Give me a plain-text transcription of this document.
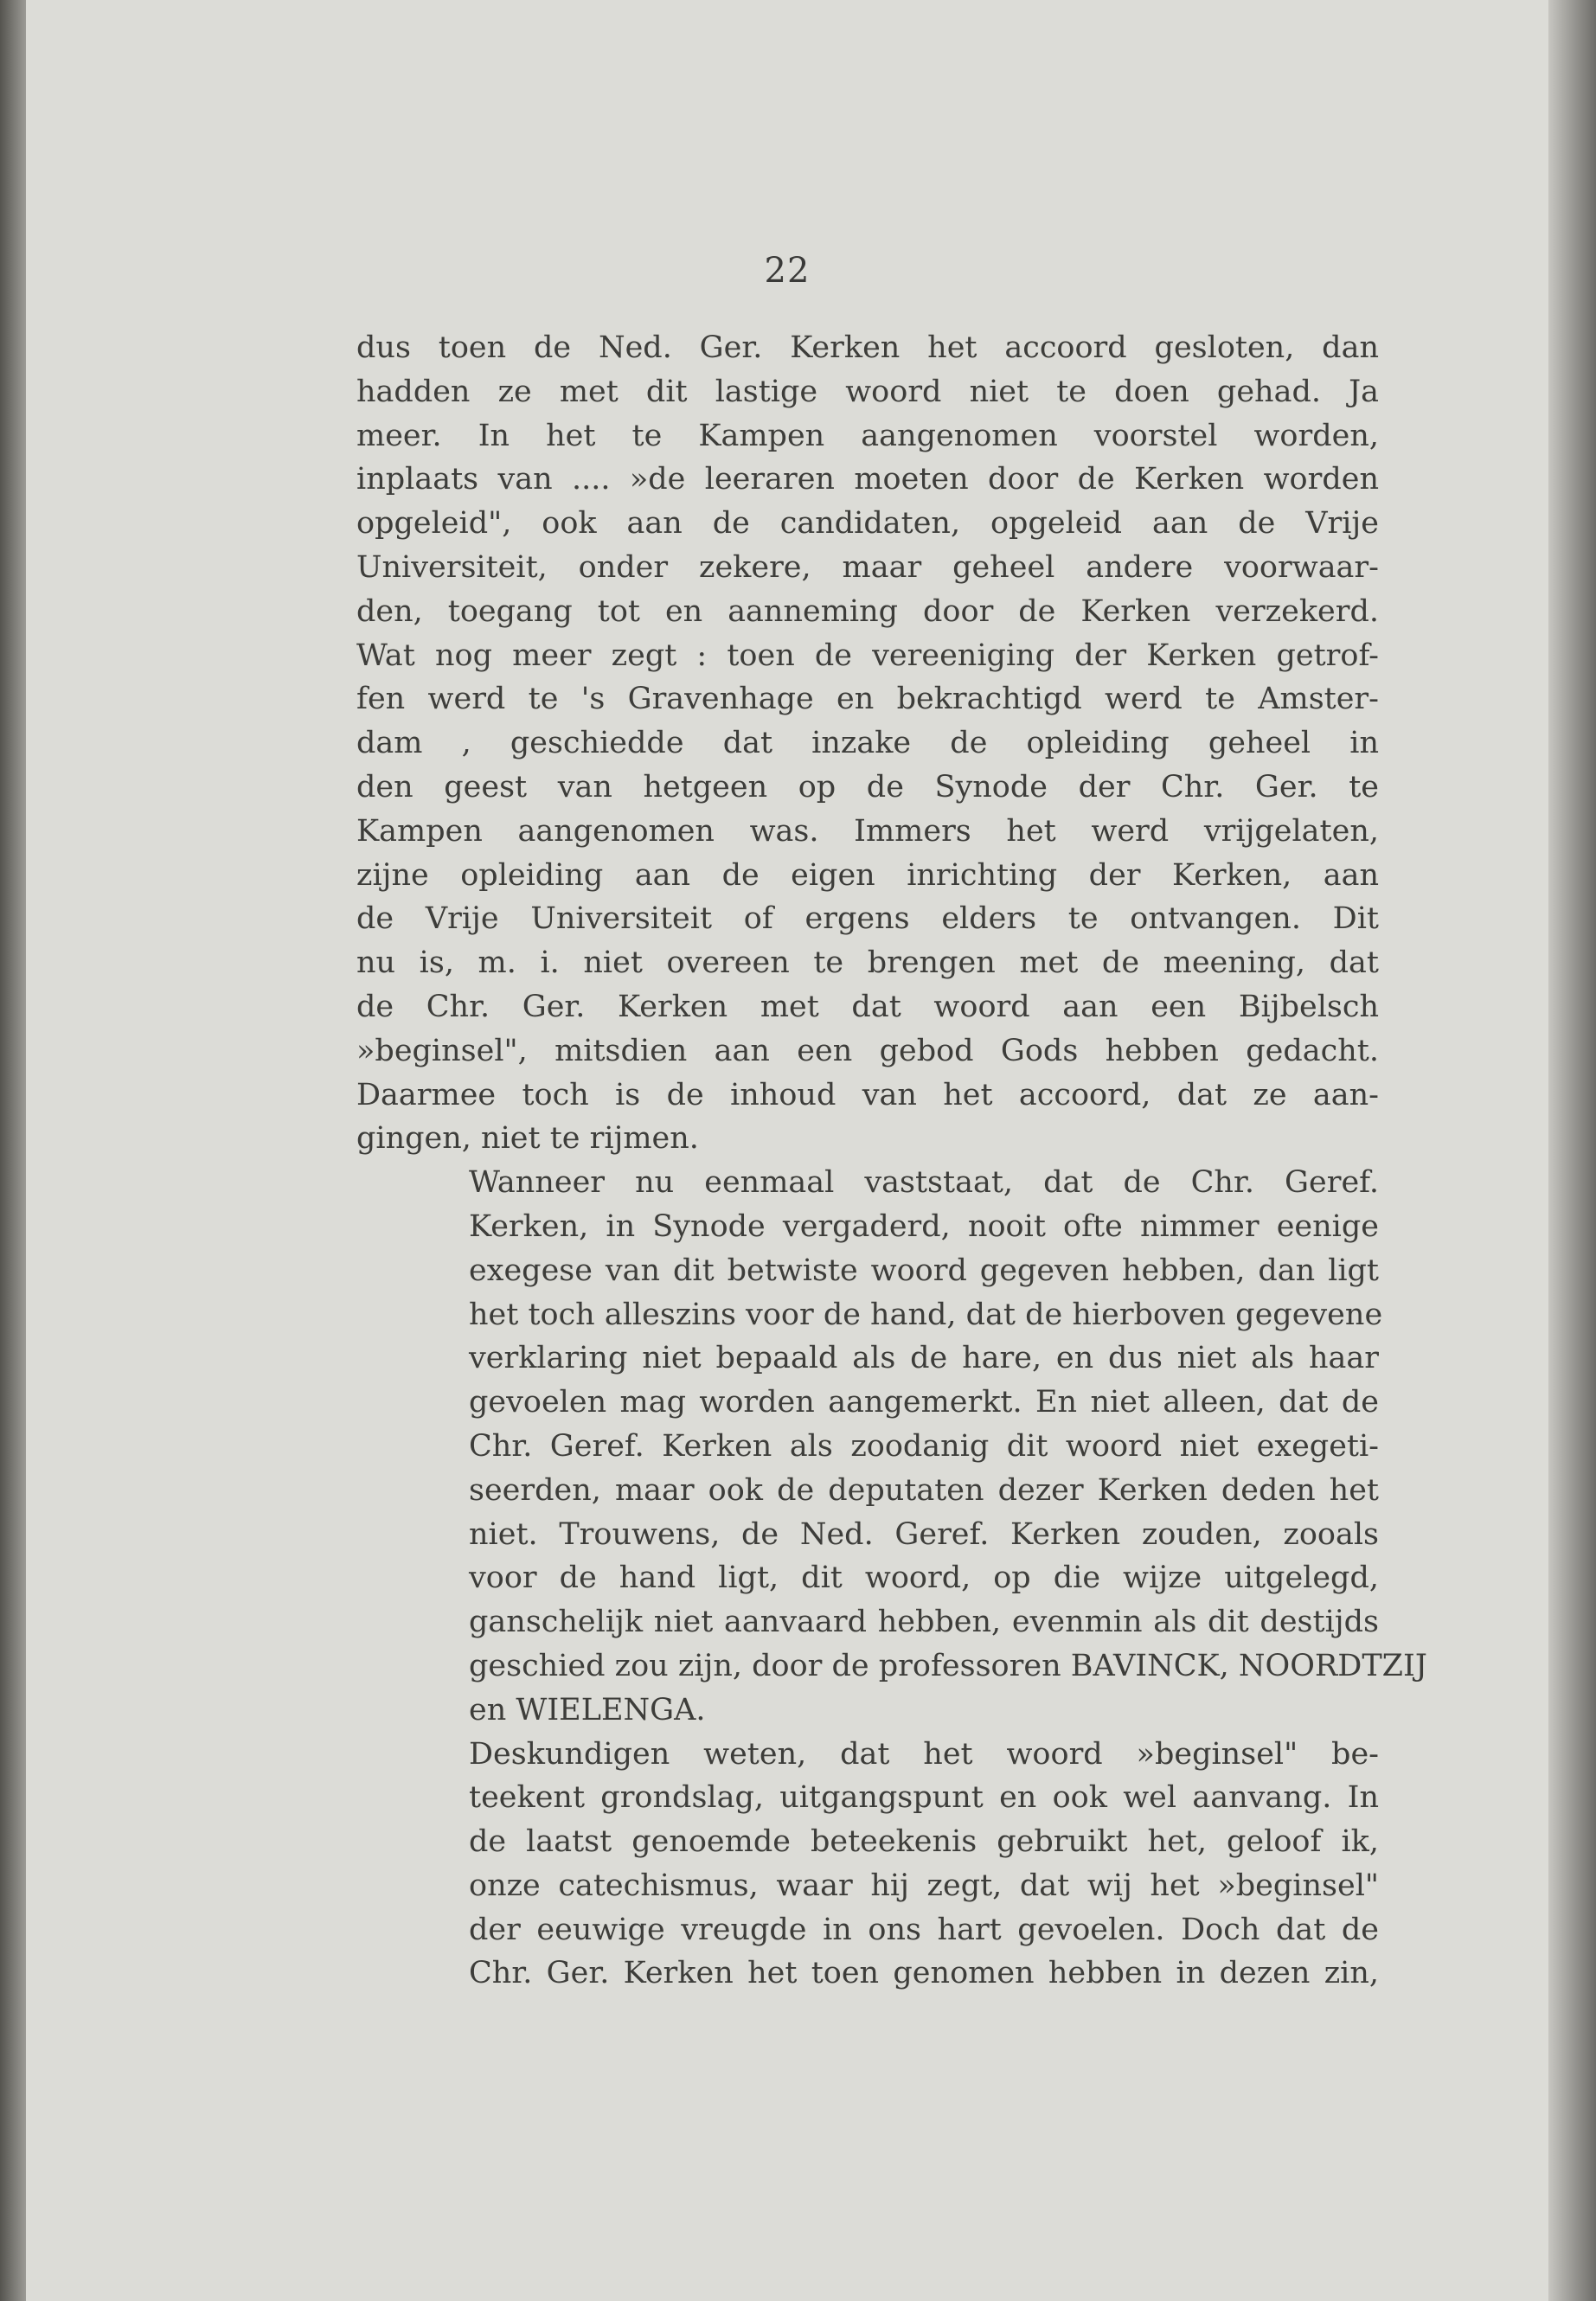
22

dus toen de Ned. Ger. Kerken het accoord gesloten, dan
hadden ze met dit lastige woord niet te doen gehad. Ja
meer. In het te Kampen aangenomen voorstel worden,
inplaats van .... »de leeraren moeten door de Kerken worden
opgeleid", ook aan de candidaten, opgeleid aan de Vrije
Universiteit, onder zekere, maar geheel andere voorwaar-
den, toegang tot en aanneming door de Kerken verzekerd.
Wat nog meer zegt : toen de vereeniging der Kerken getrof-
fen werd te 's Gravenhage en bekrachtigd werd te Amster-
dam , geschiedde dat inzake de opleiding geheel in
den geest van hetgeen op de Synode der Chr. Ger. te
Kampen aangenomen was. Immers het werd vrijgelaten,
zijne opleiding aan de eigen inrichting der Kerken, aan
de Vrije Universiteit of ergens elders te ontvangen. Dit
nu is, m. i. niet overeen te brengen met de meening, dat
de Chr. Ger. Kerken met dat woord aan een Bijbelsch
»beginsel", mitsdien aan een gebod Gods hebben gedacht.
Daarmee toch is de inhoud van het accoord, dat ze aan-
gingen, niet te rijmen.

Wanneer nu eenmaal vaststaat, dat de Chr. Geref.
Kerken, in Synode vergaderd, nooit ofte nimmer eenige
exegese van dit betwiste woord gegeven hebben, dan ligt
het toch alleszins voor de hand, dat de hierboven gegevene
verklaring niet bepaald als de hare, en dus niet als haar
gevoelen mag worden aangemerkt. En niet alleen, dat de
Chr. Geref. Kerken als zoodanig dit woord niet exegeti-
seerden, maar ook de deputaten dezer Kerken deden het
niet. Trouwens, de Ned. Geref. Kerken zouden, zooals
voor de hand ligt, dit woord, op die wijze uitgelegd,
ganschelijk niet aanvaard hebben, evenmin als dit destijds
geschied zou zijn, door de professoren BAVINCK, NOORDTZIJ
en WIELENGA.

Deskundigen weten, dat het woord »beginsel" be-
teekent grondslag, uitgangspunt en ook wel aanvang. In
de laatst genoemde beteekenis gebruikt het, geloof ik,
onze catechismus, waar hij zegt, dat wij het »beginsel"
der eeuwige vreugde in ons hart gevoelen. Doch dat de
Chr. Ger. Kerken het toen genomen hebben in dezen zin,
